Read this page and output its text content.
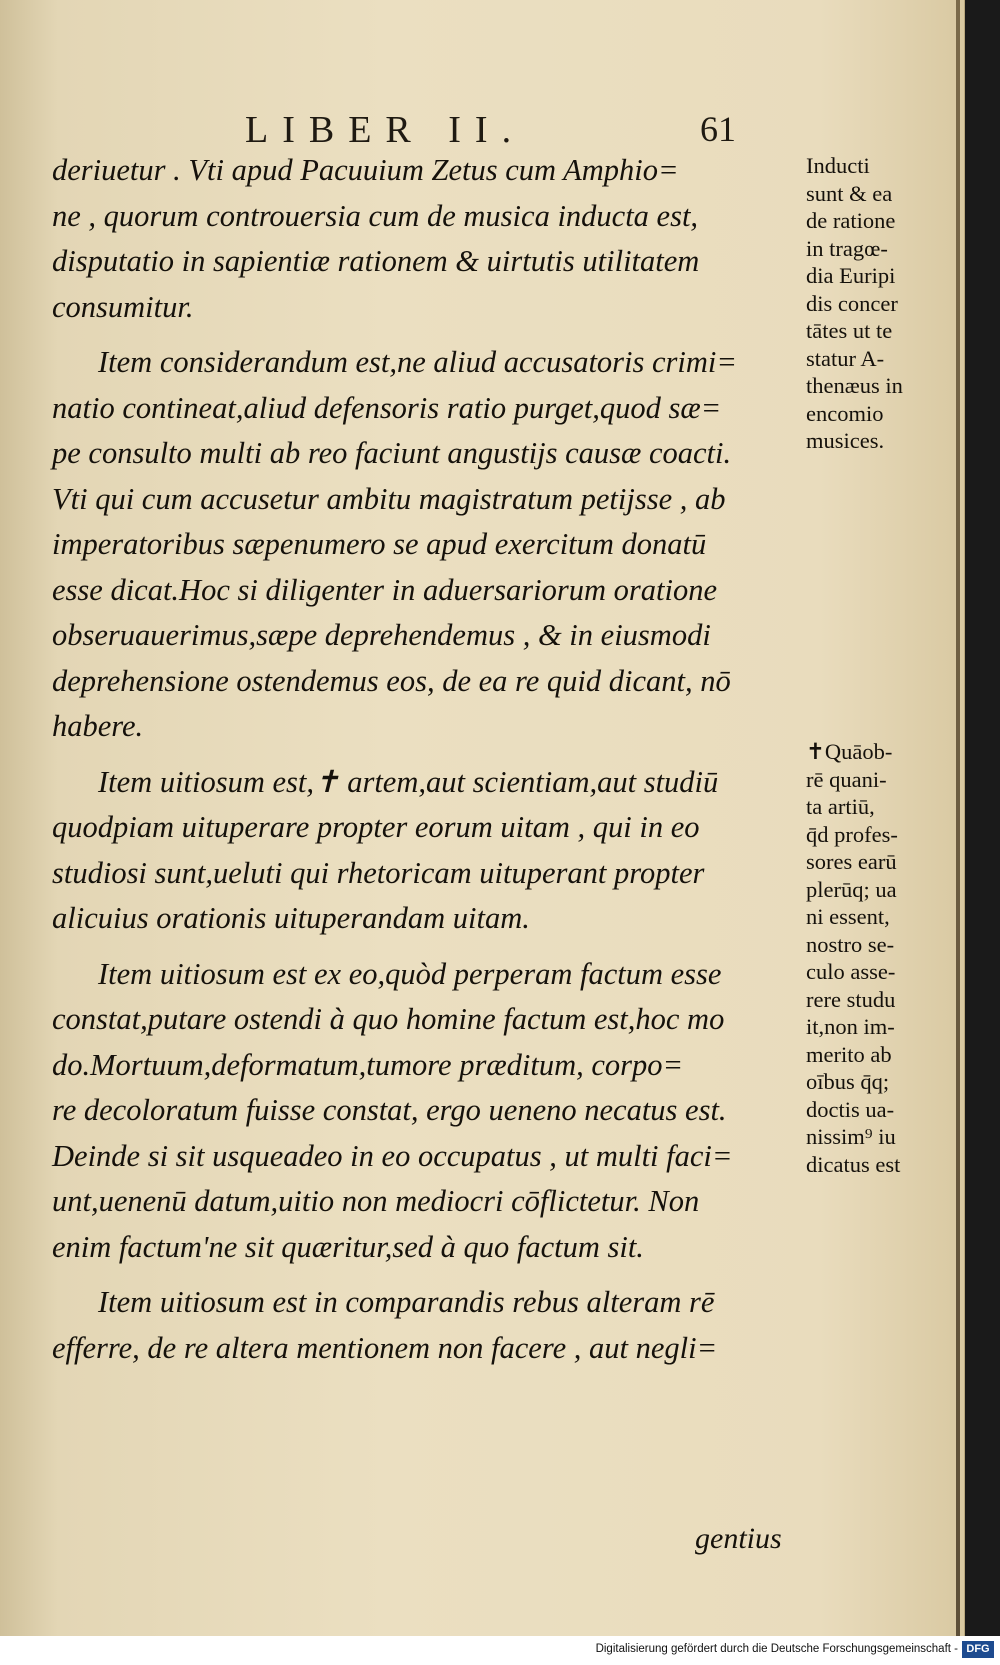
LIBER II.	61
deriuetur . Vti apud Pacuuium Zetus cum Amphio=
ne , quorum controuersia cum de musica inducta est,
disputatio in sapientiæ rationem & uirtutis utilitatem
consumitur.
Item considerandum est,ne aliud accusatoris crimi=
natio contineat,aliud defensoris ratio purget,quod sæ=
pe consulto multi ab reo faciunt angustijs causæ coacti.
Vti qui cum accusetur ambitu magistratum petijsse , ab
imperatoribus sæpenumero se apud exercitum donatū
esse dicat.Hoc si diligenter in aduersariorum oratione
obseruauerimus,sæpe deprehendemus , & in eiusmodi
deprehensione ostendemus eos, de ea re quid dicant, nō
habere.
Item uitiosum est,✝ artem,aut scientiam,aut studiū
quodpiam uituperare propter eorum uitam , qui in eo
studiosi sunt,ueluti qui rhetoricam uituperant propter
alicuius orationis uituperandam uitam.
Item uitiosum est ex eo,quòd perperam factum esse
constat,putare ostendi à quo homine factum est,hoc mo
do.Mortuum,deformatum,tumore præditum, corpo=
re decoloratum fuisse constat, ergo ueneno necatus est.
Deinde si sit usqueadeo in eo occupatus , ut multi faci=
unt,uenenū datum,uitio non mediocri cōflictetur. Non
enim factum'ne sit quæritur,sed à quo factum sit.
Item uitiosum est in comparandis rebus alteram rē
efferre, de re altera mentionem non facere , aut negli=
gentius
Inducti
sunt & ea
de ratione
in tragœ-
dia Euripi
dis concer
tātes ut te
statur A-
thenæus in
encomio
musices.
✝Quāob-
rē quani-
ta artiū,
q̄d profes-
sores earū
plerūq; ua
ni essent,
nostro se-
culo asse-
rere studu
it,non im-
merito ab
oībus q̄q;
doctis ua-
nissim⁹ iu
dicatus est
Digitalisierung gefördert durch die Deutsche Forschungsgemeinschaft - DFG
